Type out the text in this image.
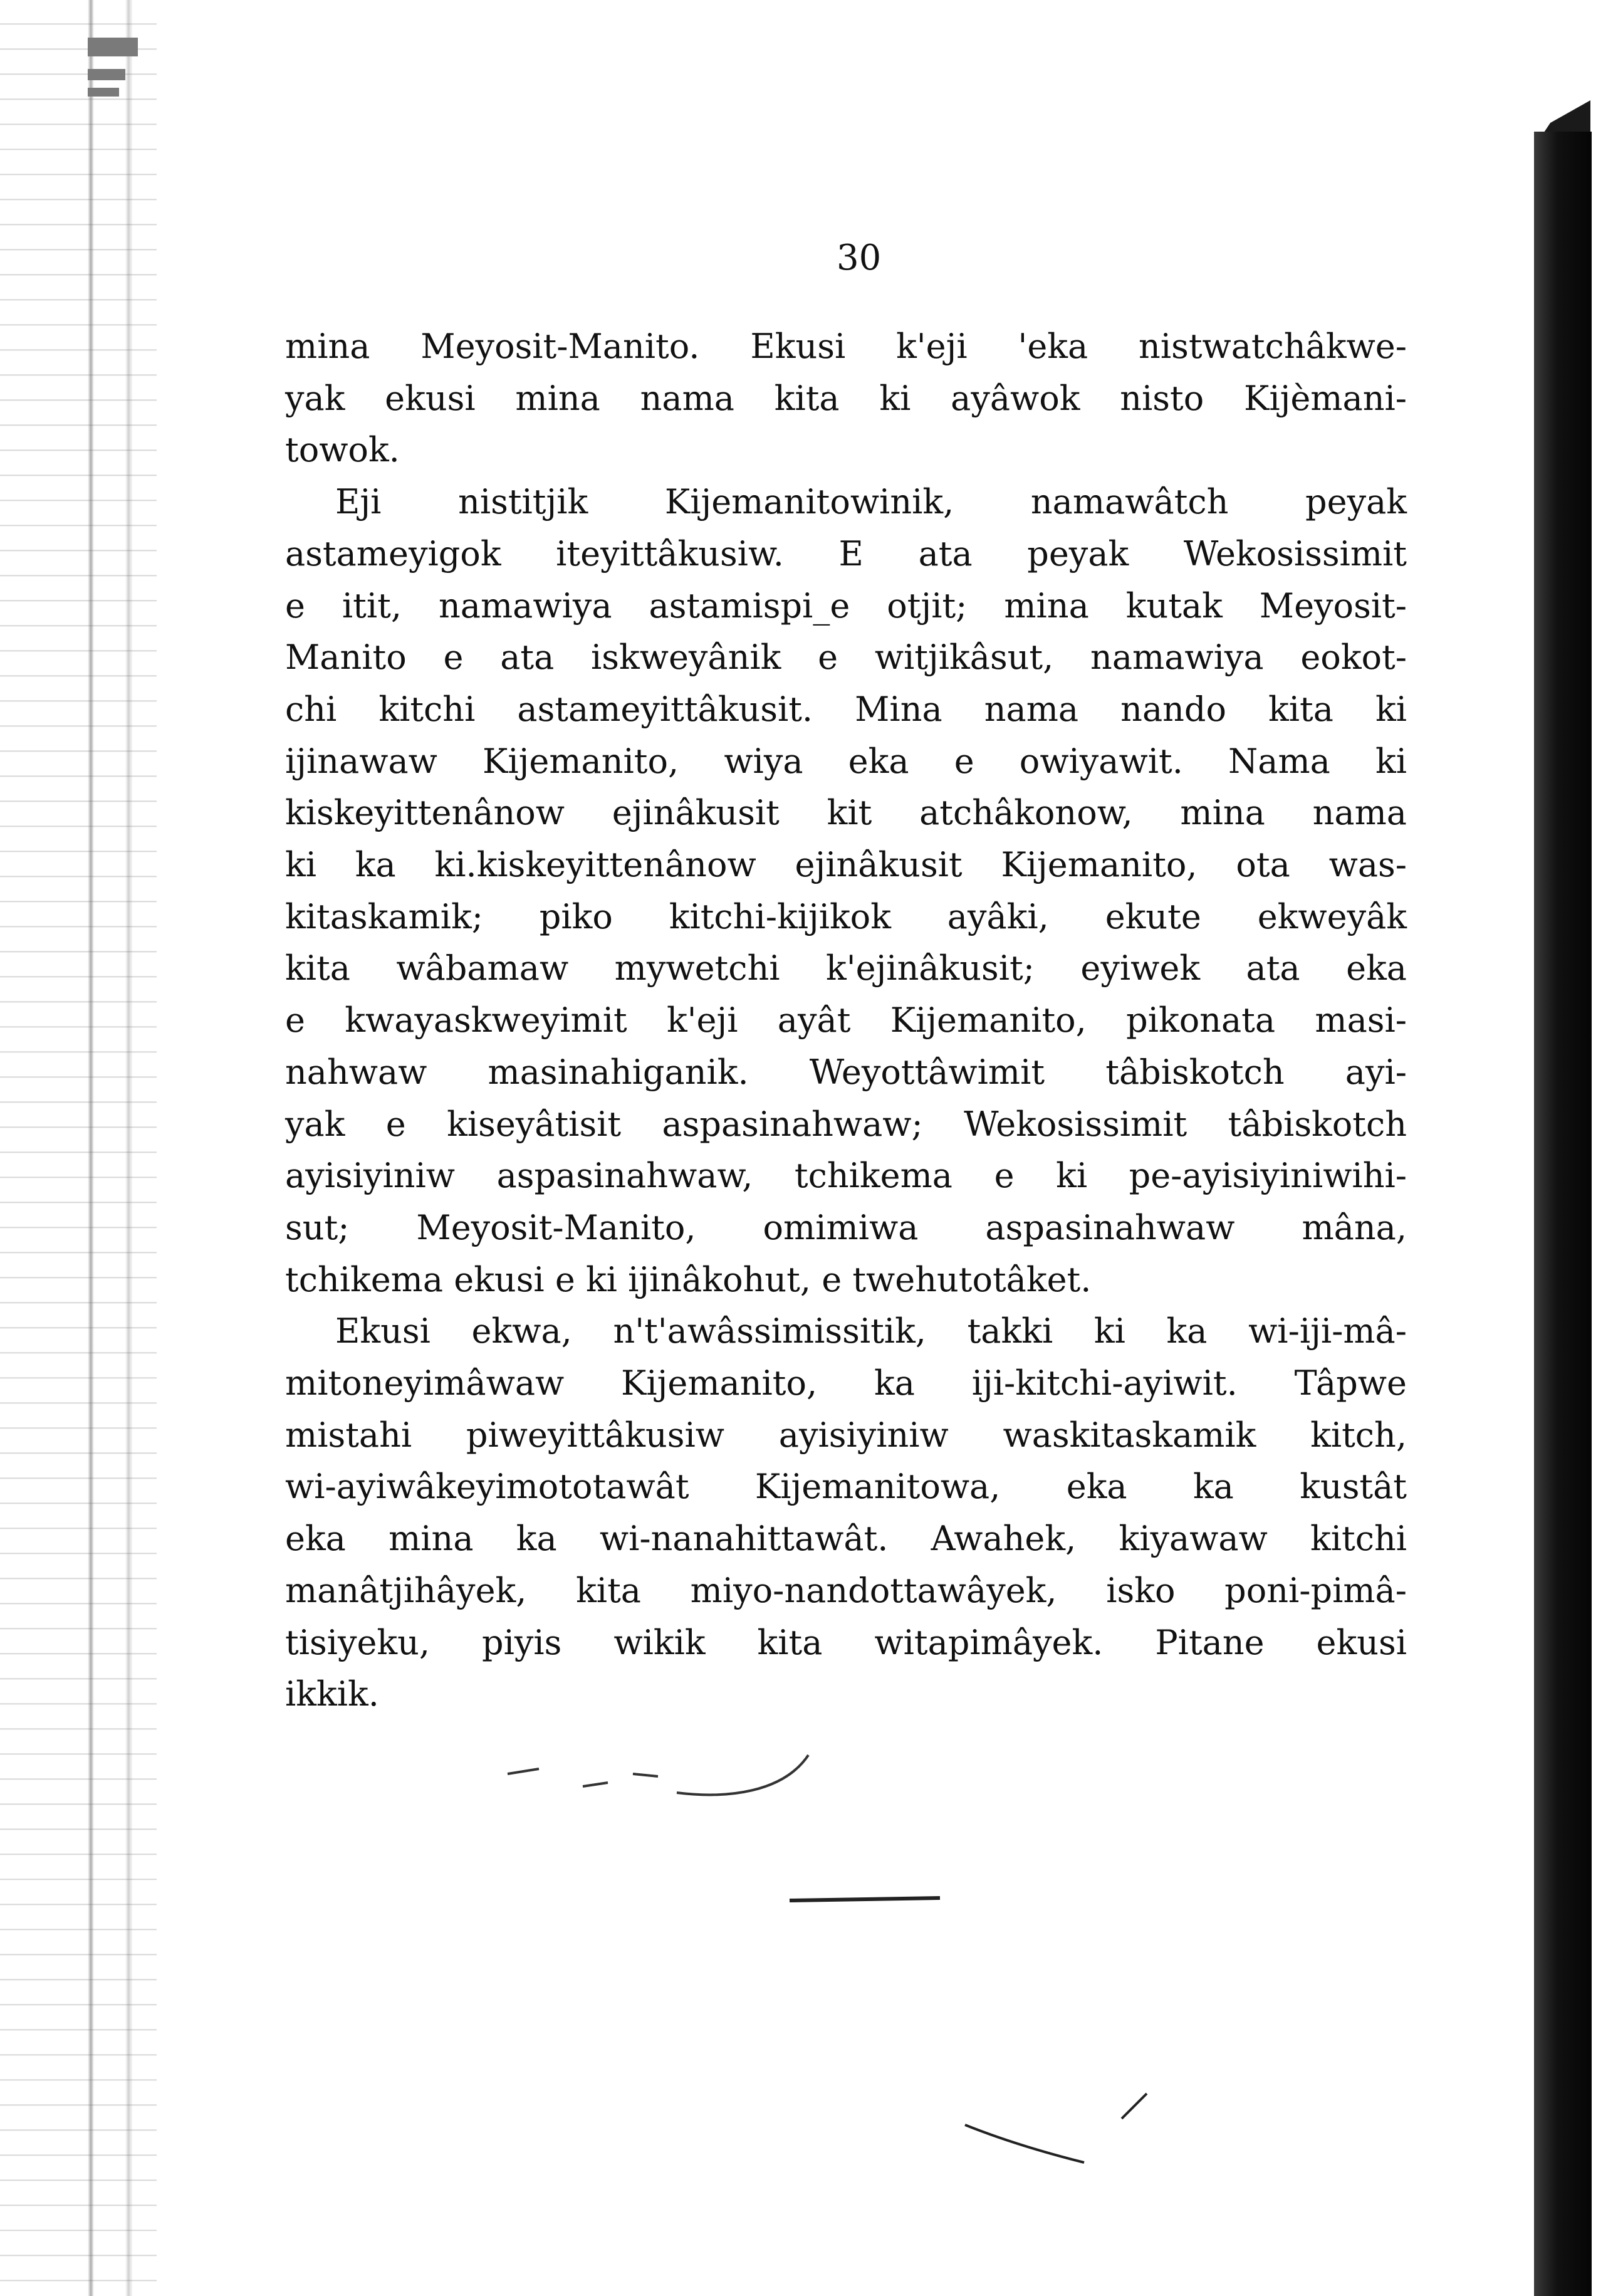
30

mina Meyosit-Manito. Ekusi k'eji 'eka nistwatchâkwe-
yak ekusi mina nama kita ki ayâwok nisto Kijèmani-
towok.

Eji nistitjik Kijemanitowinik, namawâtch peyak
astameyigok iteyittâkusiw. E ata peyak Wekosissimit
e itit, namawiya astamispi_e otjit; mina kutak Meyosit-
Manito e ata iskweyânik e witjikâsut, namawiya eokot-
chi kitchi astameyittâkusit. Mina nama nando kita ki
ijinawaw Kijemanito, wiya eka e owiyawit. Nama ki
kiskeyittenânow ejinâkusit kit atchâkonow, mina nama
ki ka ki.kiskeyittenânow ejinâkusit Kijemanito, ota was-
kitaskamik; piko kitchi-kijikok ayâki, ekute ekweyâk
kita wâbamaw mywetchi k'ejinâkusit; eyiwek ata eka
e kwayaskweyimit k'eji ayât Kijemanito, pikonata masi-
nahwaw masinahiganik. Weyottâwimit tâbiskotch ayi-
yak e kiseyâtisit aspasinahwaw; Wekosissimit tâbiskotch
ayisiyiniw aspasinahwaw, tchikema e ki pe-ayisiyiniwihi-
sut; Meyosit-Manito, omimiwa aspasinahwaw mâna,
tchikema ekusi e ki ijinâkohut, e twehutotâket.

Ekusi ekwa, n't'awâssimissitik, takki ki ka wi-iji-mâ-
mitoneyimâwaw Kijemanito, ka iji-kitchi-ayiwit. Tâpwe
mistahi piweyittâkusiw ayisiyiniw waskitaskamik kitch,
wi-ayiwâkeyimototawât Kijemanitowa, eka ka kustât
eka mina ka wi-nanahittawât. Awahek, kiyawaw kitchi
manâtjihâyek, kita miyo-nandottawâyek, isko poni-pimâ-
tisiyeku, piyis wikik kita witapimâyek. Pitane ekusi
ikkik.
